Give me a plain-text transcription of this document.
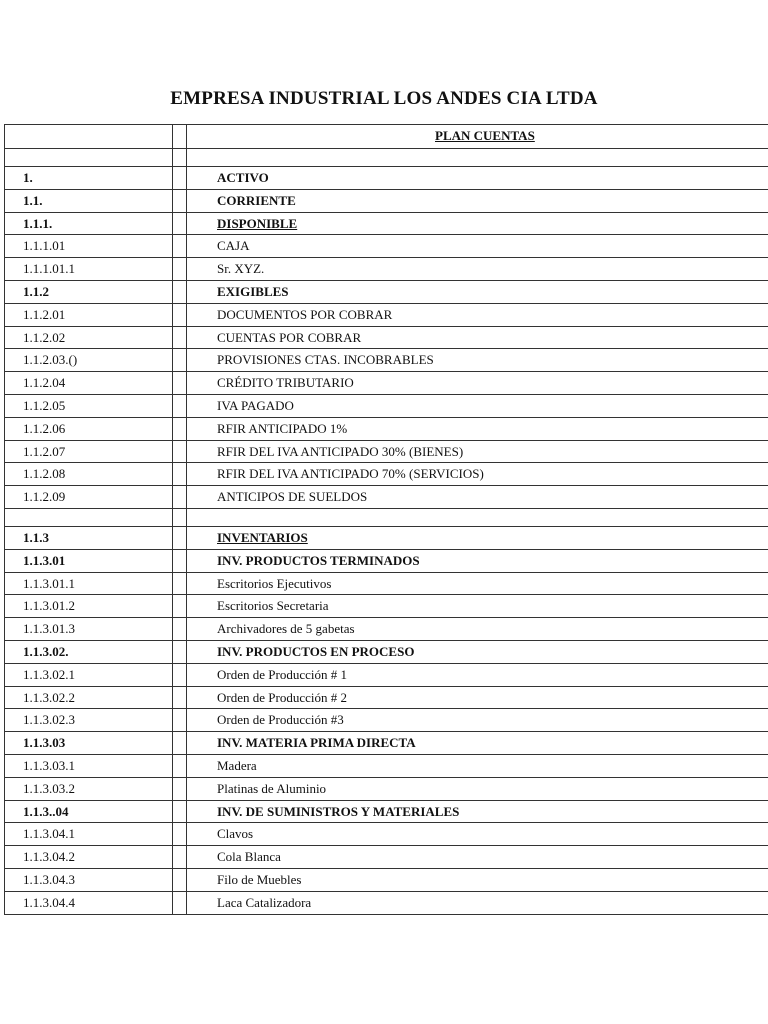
EMPRESA INDUSTRIAL LOS ANDES CIA LTDA
PLAN CUENTAS
1.	ACTIVO
1.1.	CORRIENTE
1.1.1.	DISPONIBLE
1.1.1.01	CAJA
1.1.1.01.1	Sr. XYZ.
1.1.2	EXIGIBLES
1.1.2.01	DOCUMENTOS POR COBRAR
1.1.2.02	CUENTAS POR COBRAR
1.1.2.03.()	PROVISIONES CTAS. INCOBRABLES
1.1.2.04	CRÉDITO TRIBUTARIO
1.1.2.05	IVA PAGADO
1.1.2.06	RFIR ANTICIPADO 1%
1.1.2.07	RFIR DEL IVA ANTICIPADO 30% (BIENES)
1.1.2.08	RFIR DEL IVA ANTICIPADO 70% (SERVICIOS)
1.1.2.09	ANTICIPOS DE SUELDOS
1.1.3	INVENTARIOS
1.1.3.01	INV. PRODUCTOS TERMINADOS
1.1.3.01.1	Escritorios Ejecutivos
1.1.3.01.2	Escritorios Secretaria
1.1.3.01.3	Archivadores de 5 gabetas
1.1.3.02.	INV. PRODUCTOS EN PROCESO
1.1.3.02.1	Orden de Producción # 1
1.1.3.02.2	Orden de Producción # 2
1.1.3.02.3	Orden de Producción #3
1.1.3.03	INV. MATERIA PRIMA DIRECTA
1.1.3.03.1	Madera
1.1.3.03.2	Platinas de Aluminio
1.1.3..04	INV. DE SUMINISTROS Y MATERIALES
1.1.3.04.1	Clavos
1.1.3.04.2	Cola Blanca
1.1.3.04.3	Filo de Muebles
1.1.3.04.4	Laca Catalizadora
